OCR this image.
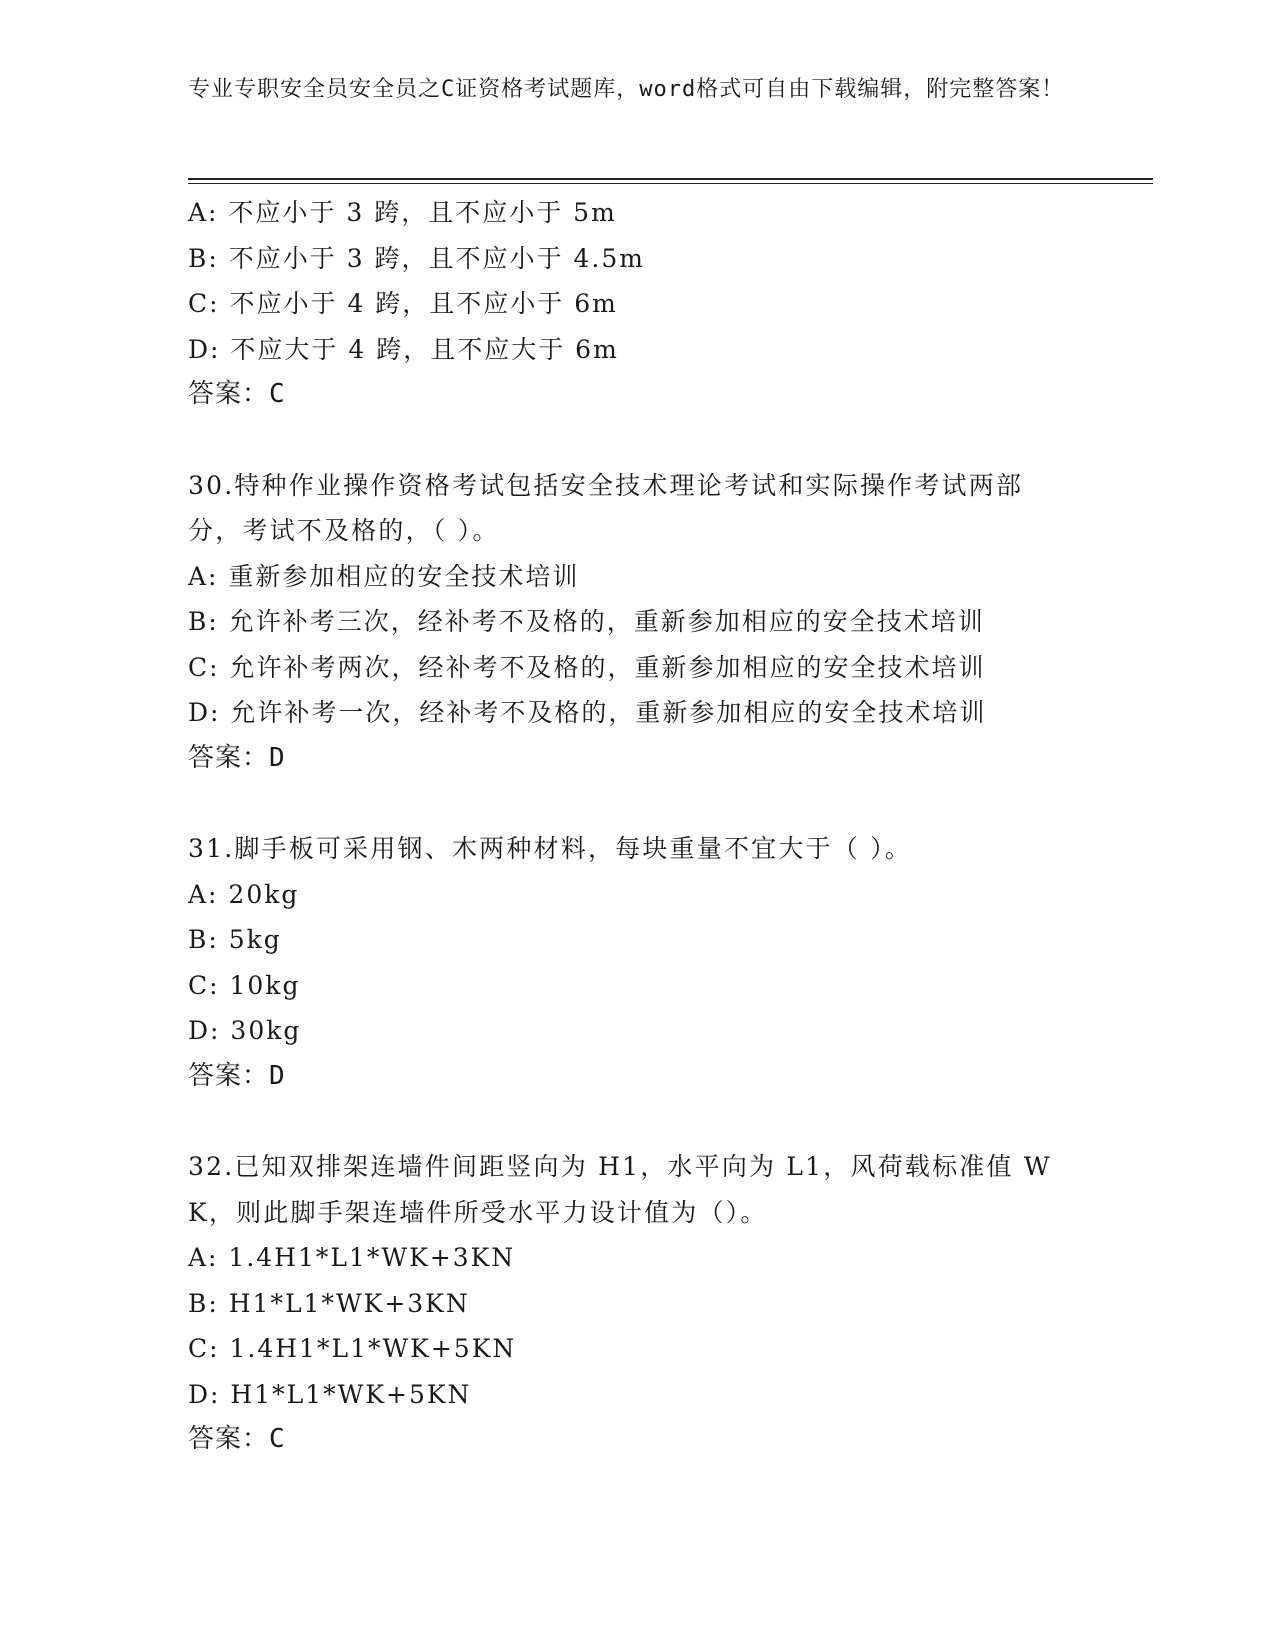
专业专职安全员安全员之C证资格考试题库，word格式可自由下载编辑，附完整答案！
A: 不应小于 3 跨，且不应小于 5m
B: 不应小于 3 跨，且不应小于 4.5m
C: 不应小于 4 跨，且不应小于 6m
D: 不应大于 4 跨，且不应大于 6m
答案：C
30.特种作业操作资格考试包括安全技术理论考试和实际操作考试两部分，考试不及格的，（ ）。
A: 重新参加相应的安全技术培训
B: 允许补考三次，经补考不及格的，重新参加相应的安全技术培训
C: 允许补考两次，经补考不及格的，重新参加相应的安全技术培训
D: 允许补考一次，经补考不及格的，重新参加相应的安全技术培训
答案：D
31.脚手板可采用钢、木两种材料，每块重量不宜大于（ ）。
A: 20kg
B: 5kg
C: 10kg
D: 30kg
答案：D
32.已知双排架连墙件间距竖向为 H1，水平向为 L1，风荷载标准值 WK，则此脚手架连墙件所受水平力设计值为（）。
A: 1.4H1*L1*WK+3KN
B: H1*L1*WK+3KN
C: 1.4H1*L1*WK+5KN
D: H1*L1*WK+5KN
答案：C
